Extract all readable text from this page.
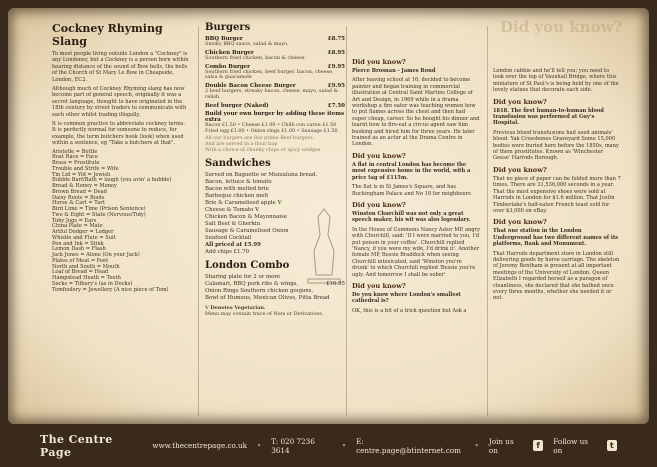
Did you know?
Cockney Rhyming Slang

To most people living outside London a "Cockney" is any Londoner, but a Cockney is a person born within hearing distance of the sound of Bow bells, the bells of the Church of St Mary Le Bow in Cheapside, London, EC2.

Although much of Cockney Rhyming slang has now become part of general speech, originally it was a secret language, thought to have originated in the 18th century by street traders to communicate with each other whilst trading illegally.

It is common practice to abbreviate cockney terms. It is perfectly normal for someone to reduce, for example, the term butchers hook (look) when used within a sentence, eg "Take a butchers at that".

Aristotle = Bottle
Boat Race = Face
Brass = Prostitute
Trouble and Strife = Wife
Tin Lid = Yid = Jewish
Bubble Barf/Bath = laugh (you avin' a bubble)
Bread & Honey = Money
Brown Bread = Dead
Daisy Roots = Boots
Horse & Cart = Tart
Bird Lime = Time (Prison Sentence)
Two & Eight = State (Nervous/Tidy)
Toby Jugs = Ears
China Plate = Mate
Artful Dodger = Lodger
Whistle and Flute = Suit
Pen and Ink = Stink
Lemon Dash = Flash
Jack Jones = Alone (On your Jack)
Plates of Meat = Feet
North and South = Mouth
Loaf of Bread = Head
Hampstead Heath = Teeth
Socks = Tilbury's (as in Docks)
Tomfoolery = Jewellery (A nice piece of Tom)
Burgers
BBQ Burger	£8.75
Smoky BBQ sauce, salad & mayo.
Chicken Burger	£8.95
Southern fried chicken, bacon & cheese
Combo Burger	£9.95
Southern fried chicken, beef burger, bacon, cheese, salsa & guacamole
Double Bacon Cheese Burger	£9.95
2 beef burgers, streaky bacon, cheese, mayo, salad & relish
Beef burger (Naked)	£7.50
Build your own burger by adding these items extra
Bacon £1.50 • Cheese £1.00 • Chilli con carne £1.50
Fried egg £1.00 • Onion rings £1.00 • Sausage £1.50
All our burgers are 8oz prime Beef burgers.
And are served in a flour bap
With a choice of chunky chips or spicy wedges
Sandwiches
Served on Baguette or Mezzaluna bread.
Bacon, lettuce & tomato
Bacon with melted brie
Barbeque chicken melt
Brie & Caramelised apple V
Cheese & Tomato V
Chicken Bacon & Mayonnaise
Salt Beef & Gherkin
Sausage & Caramelised Onion
Seafood Cocktail
All priced at £5.99
Add chips £1.70
London Combo
Sharing plate for 2 or more
Calamari, BBQ pork ribs & wings,	£16.95
Onion Rings Southern chicken goujons,
Bowl of Humous, Mexican Olives, Pitta Bread
V Denotes Vegetarian.
Menu may contain trace of Nuts or Derivatives.
Did you know?

Pierce Brosnan - James Bond

After leaving school at 16, decided to become painter and began training in commercial illustration at Central Saint Martins College of Art and Design, in 1969 while in a drama workshop a fire eater was teaching women how to put flames across the chest and then had super cheap, career. So he bought his dinner and learnt how to fire-eat a circus agent saw him busking and hired him for three years. He later trained as an actor at the Drama Centre in London.

Did you know?

A flat in central London has become the most expensive home in the world, with a price tag of £115m.

The flat is in St James's Square, and has Buckingham Palace and No 10 for neighbours

Did you know?

Winston Churchill was not only a great speech maker, his wit was also legendary.

In the House of Commons Nancy Astor MP, angry with Churchill, said: 'If I were married to you, I'd put poison in your coffee'. Churchill replied 'Nancy, if you were my wife, I'd drink it'. Another female MP, Bessie Braddock when seeing Churchill intoxicated, said 'Winston you're drunk' to which Churchill replied 'Bessie you're ugly. And tomorrow I shall be sober'

Did you know?

Do you know where London's smallest cathedral is?

OK, this is a bit of a trick question but Ask a

London cabbie and he'll tell you; you need to look over the top of Vauxhall Bridge, where this miniature of St Paul's is being held by one of the lovely statues that decorate each side.

Did you know?

1818. The first human-to-human blood transfusion was performed at Guy's Hospital.

Previous blood transfusions had used animals' blood. Yak Crossbones Graveyard Some 15,000 bodies were buried here before the 1850s, many of them prostitutes. Known as 'Winchester Geese' Harrods Borough.

Did you know?

That no piece of paper can be folded more than 7 times. There are 31,536,000 seconds in a year. That the most expensive shoes were sold at Harrods in London for $1.6 million. That Justin Timberlake's half-eaten French toast sold for over $3,000 on eBay.

Did you know?

That one station in the London Underground has two different names of its platforms, Bank and Monument.

That Harrods department store in London still delivering goods by horse carriage. The skeleton of Jeremy Bentham is present at all important meetings of the University of London. Queen Elizabeth I regarded herself as a paragon of cleanliness, she declared that she bathed once every three months, whether she needed it or not.

The Centre Page	www.thecentrepage.co.uk • T: 020 7236 3614	• E: centre.page@btinternet.com	• Join us on	f	Follow us on	t
